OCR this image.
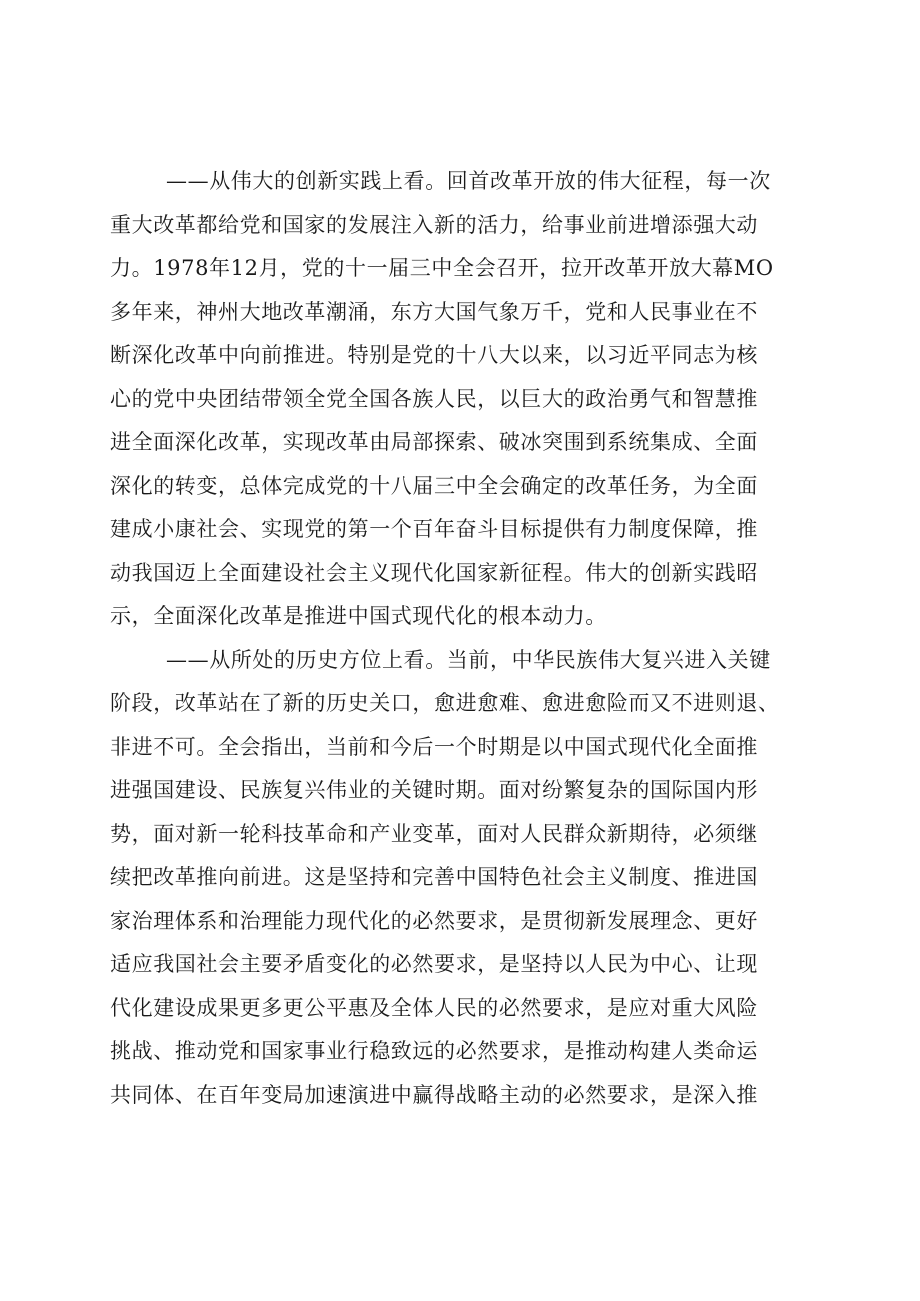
——从伟大的创新实践上看。回首改革开放的伟大征程，每一次
重大改革都给党和国家的发展注入新的活力，给事业前进增添强大动
力。1978年12月，党的十一届三中全会召开，拉开改革开放大幕MO
多年来，神州大地改革潮涌，东方大国气象万千，党和人民事业在不
断深化改革中向前推进。特别是党的十八大以来，以习近平同志为核
心的党中央团结带领全党全国各族人民，以巨大的政治勇气和智慧推
进全面深化改革，实现改革由局部探索、破冰突围到系统集成、全面
深化的转变，总体完成党的十八届三中全会确定的改革任务，为全面
建成小康社会、实现党的第一个百年奋斗目标提供有力制度保障，推
动我国迈上全面建设社会主义现代化国家新征程。伟大的创新实践昭
示，全面深化改革是推进中国式现代化的根本动力。
——从所处的历史方位上看。当前，中华民族伟大复兴进入关键
阶段，改革站在了新的历史关口，愈进愈难、愈进愈险而又不进则退、
非进不可。全会指出，当前和今后一个时期是以中国式现代化全面推
进强国建设、民族复兴伟业的关键时期。面对纷繁复杂的国际国内形
势，面对新一轮科技革命和产业变革，面对人民群众新期待，必须继
续把改革推向前进。这是坚持和完善中国特色社会主义制度、推进国
家治理体系和治理能力现代化的必然要求，是贯彻新发展理念、更好
适应我国社会主要矛盾变化的必然要求，是坚持以人民为中心、让现
代化建设成果更多更公平惠及全体人民的必然要求，是应对重大风险
挑战、推动党和国家事业行稳致远的必然要求，是推动构建人类命运
共同体、在百年变局加速演进中赢得战略主动的必然要求，是深入推
